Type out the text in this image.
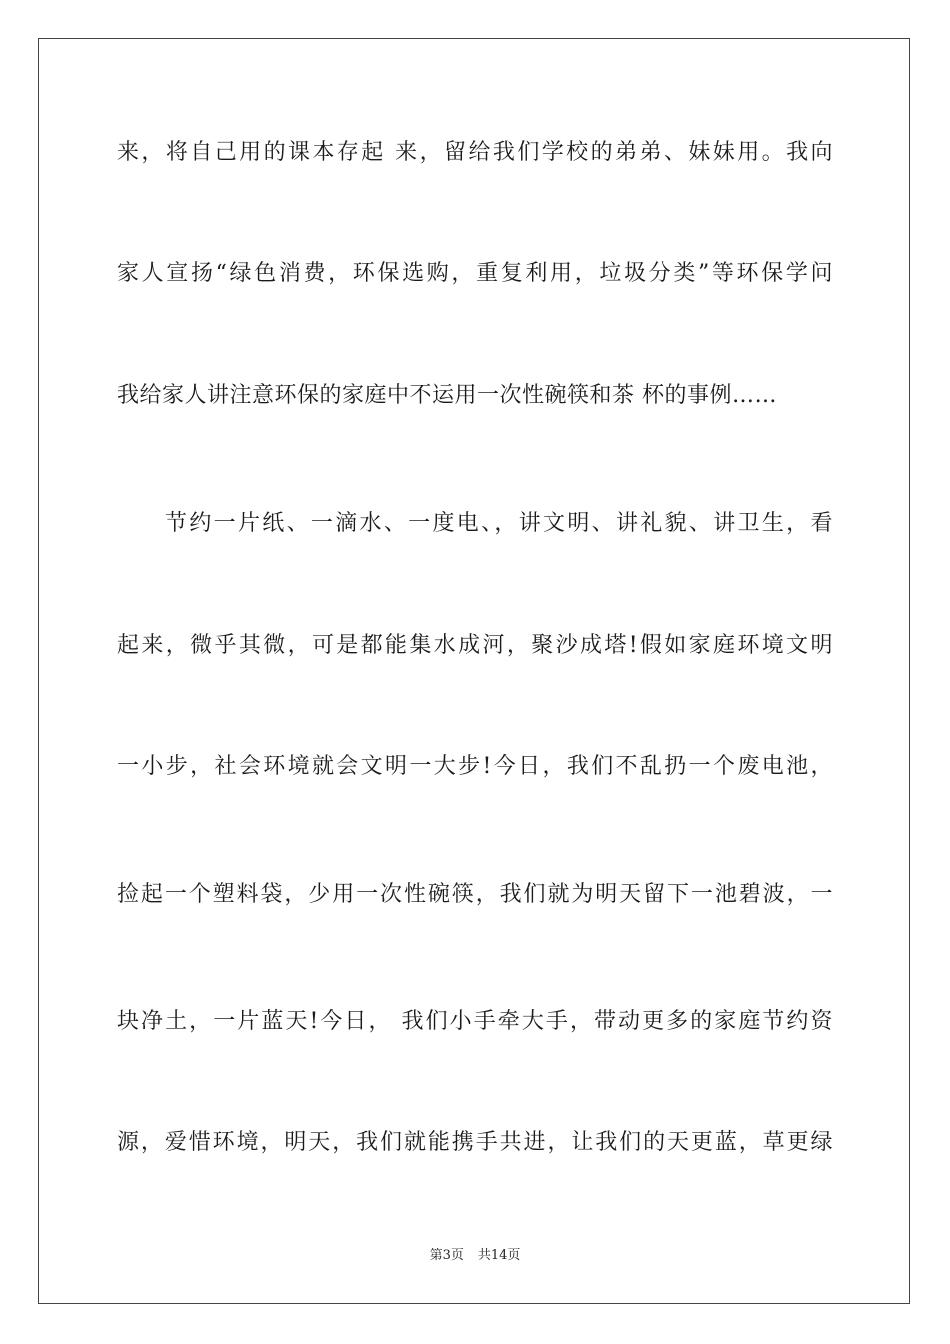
来，将自己用的课本存起 来，留给我们学校的弟弟、妹妹用。我向
家人宣扬“绿色消费，环保选购，重复利用，垃圾分类”等环保学问
我给家人讲注意环保的家庭中不运用一次性碗筷和茶 杯的事例……
节约一片纸、一滴水、一度电、，讲文明、讲礼貌、讲卫生，看
起来，微乎其微，可是都能集水成河，聚沙成塔!假如家庭环境文明
一小步，社会环境就会文明一大步!今日，我们不乱扔一个废电池，
捡起一个塑料袋，少用一次性碗筷，我们就为明天留下一池碧波，一
块净土，一片蓝天!今日， 我们小手牵大手，带动更多的家庭节约资
源，爱惜环境，明天，我们就能携手共进，让我们的天更蓝，草更绿
第3页 共14页
